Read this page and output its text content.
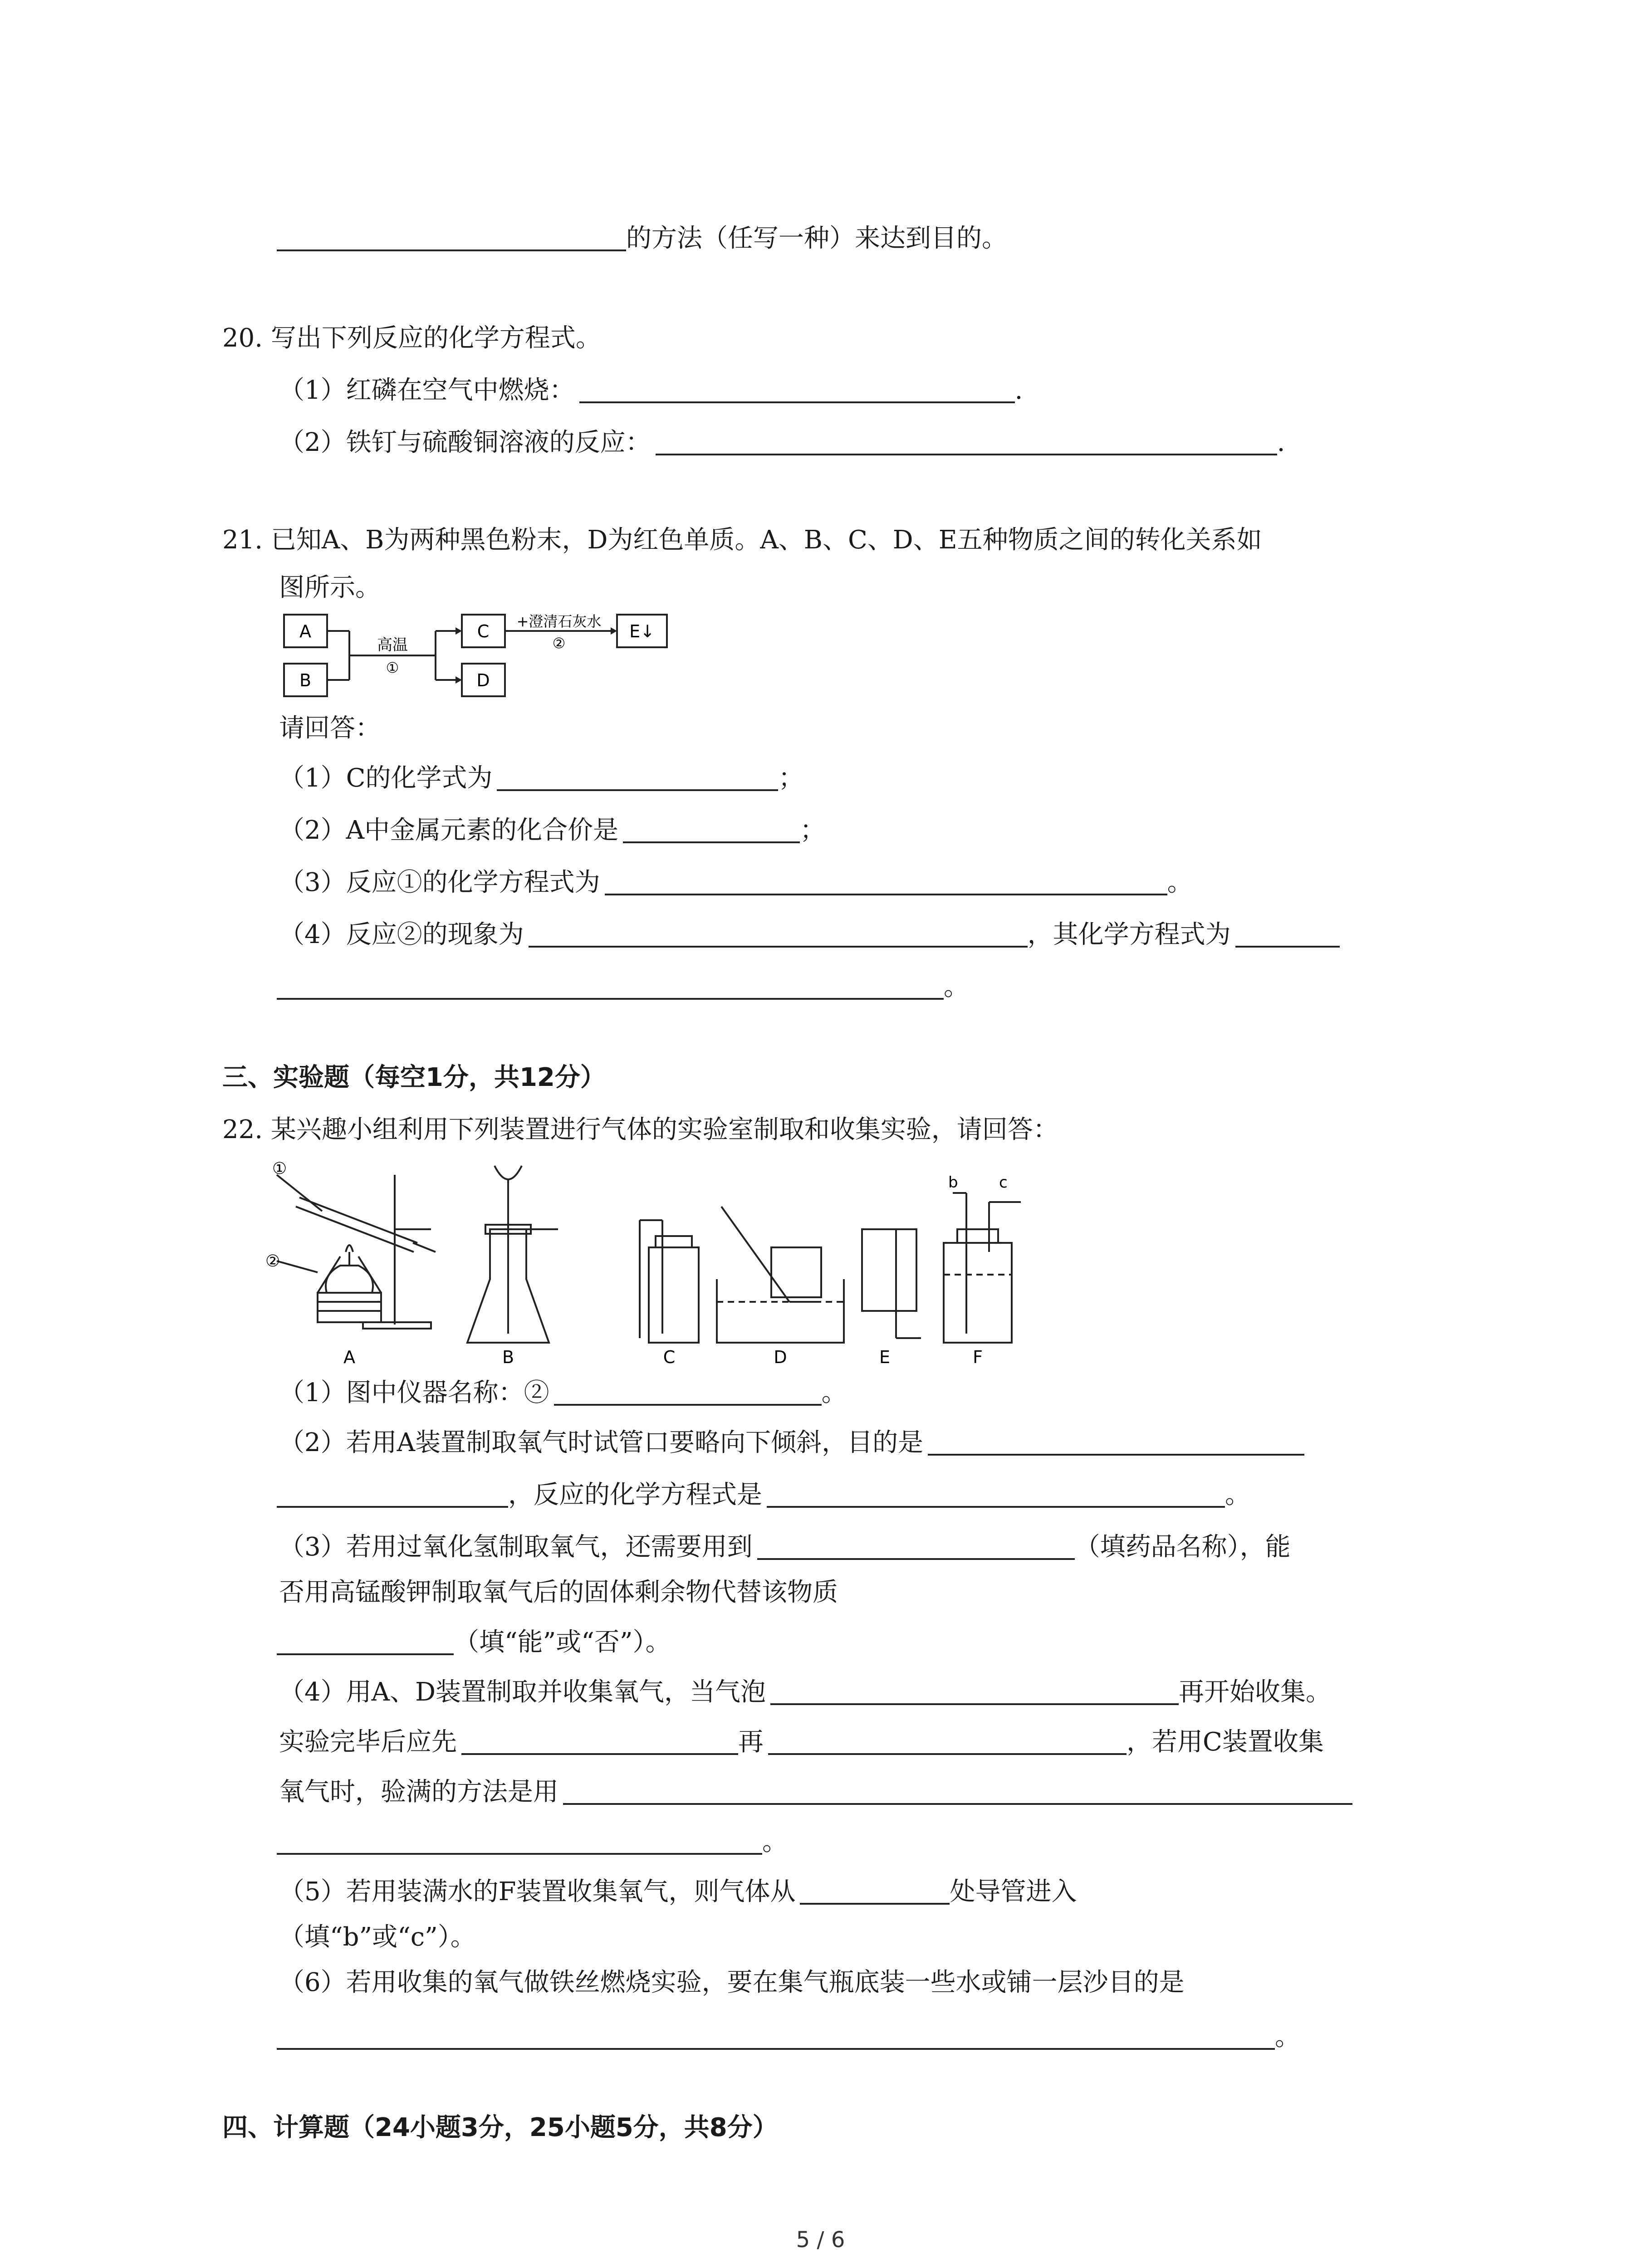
的方法（任写一种）来达到目的。
20. 写出下列反应的化学方程式。
（1）红磷在空气中燃烧：	.
（2）铁钉与硫酸铜溶液的反应：	.
21. 已知A、B为两种黑色粉末，D为红色单质。A、B、C、D、E五种物质之间的转化关系如
图所示。
A
B
C
D
E↓
高温
①
+澄清石灰水
②
请回答：
（1）C的化学式为	；
（2）A中金属元素的化合价是	；
（3）反应①的化学方程式为	。
（4）反应②的现象为	，其化学方程式为
。
三、实验题（每空1分，共12分）
22. 某兴趣小组利用下列装置进行气体的实验室制取和收集实验，请回答：
A	B	C	D	E	F
①
②
b	c
（1）图中仪器名称：②	。
（2）若用A装置制取氧气时试管口要略向下倾斜，目的是
，反应的化学方程式是	。
（3）若用过氧化氢制取氧气，还需要用到	（填药品名称），能
否用高锰酸钾制取氧气后的固体剩余物代替该物质
（填“能”或“否”）。
（4）用A、D装置制取并收集氧气，当气泡	再开始收集。
实验完毕后应先	再	，若用C装置收集
氧气时，验满的方法是用
。
（5）若用装满水的F装置收集氧气，则气体从	处导管进入
（填“b”或“c”）。
（6）若用收集的氧气做铁丝燃烧实验，要在集气瓶底装一些水或铺一层沙目的是
。
四、计算题（24小题3分，25小题5分，共8分）
5 / 6
